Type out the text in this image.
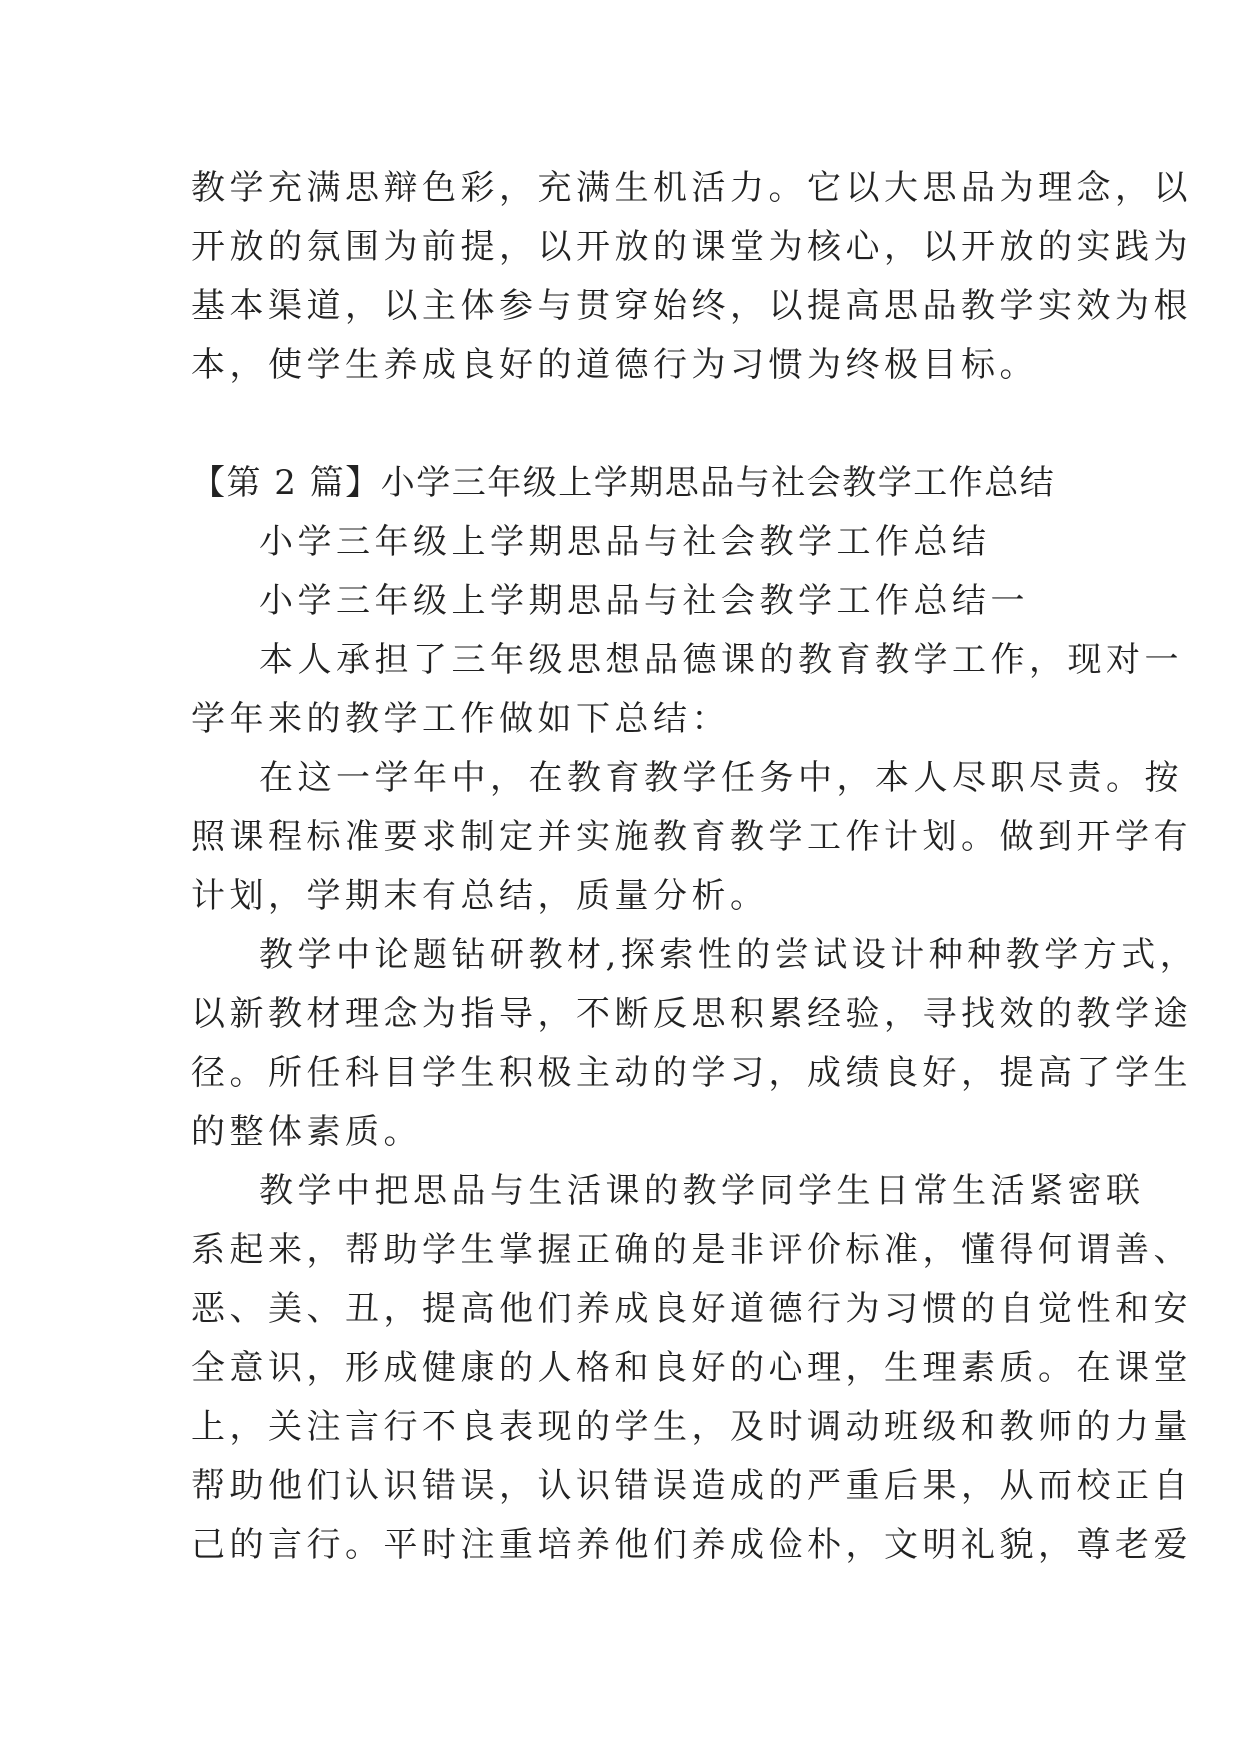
教学充满思辩色彩，充满生机活力。它以大思品为理念，以
开放的氛围为前提，以开放的课堂为核心，以开放的实践为
基本渠道，以主体参与贯穿始终，以提高思品教学实效为根
本，使学生养成良好的道德行为习惯为终极目标。
【第 2 篇】小学三年级上学期思品与社会教学工作总结
小学三年级上学期思品与社会教学工作总结
小学三年级上学期思品与社会教学工作总结一
本人承担了三年级思想品德课的教育教学工作，现对一
学年来的教学工作做如下总结：
在这一学年中，在教育教学任务中，本人尽职尽责。按
照课程标准要求制定并实施教育教学工作计划。做到开学有
计划，学期末有总结，质量分析。
教学中论题钻研教材,探索性的尝试设计种种教学方式，
以新教材理念为指导，不断反思积累经验，寻找效的教学途
径。所任科目学生积极主动的学习，成绩良好，提高了学生
的整体素质。
教学中把思品与生活课的教学同学生日常生活紧密联
系起来，帮助学生掌握正确的是非评价标准，懂得何谓善、
恶、美、丑，提高他们养成良好道德行为习惯的自觉性和安
全意识，形成健康的人格和良好的心理，生理素质。在课堂
上，关注言行不良表现的学生，及时调动班级和教师的力量
帮助他们认识错误，认识错误造成的严重后果，从而校正自
己的言行。平时注重培养他们养成俭朴，文明礼貌，尊老爱
